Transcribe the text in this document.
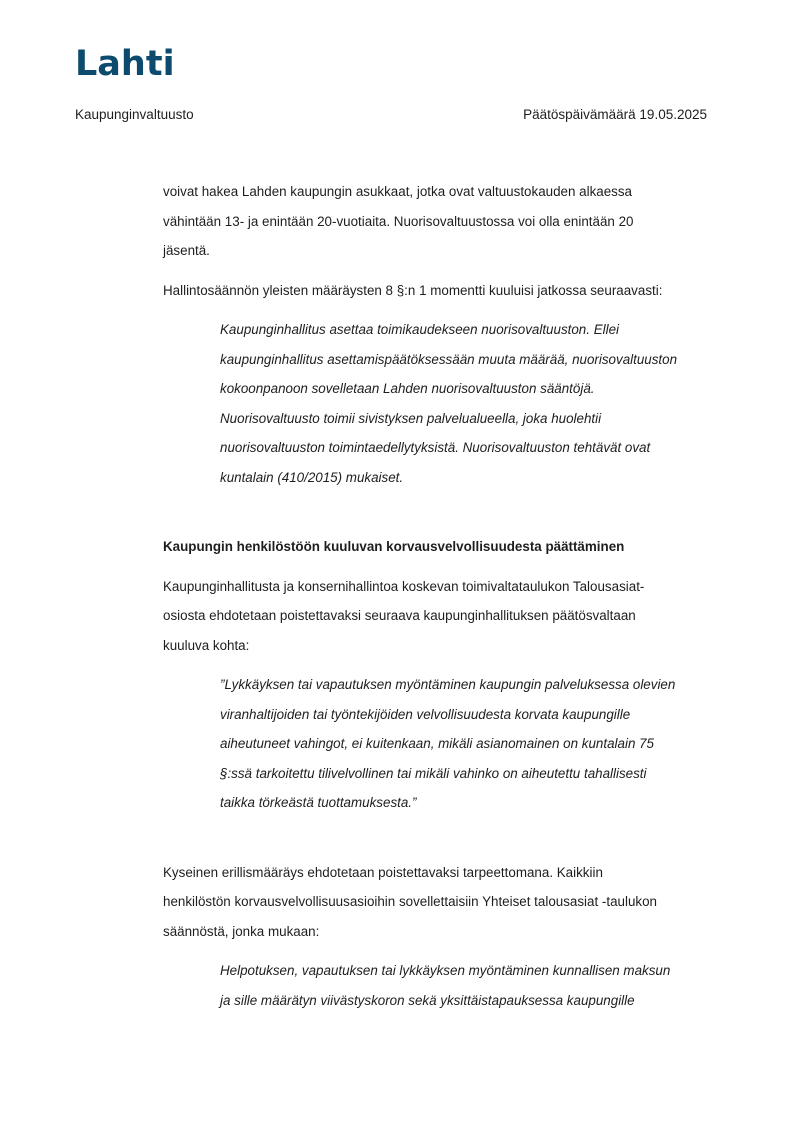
Lahti
Kaupunginvaltuusto	Päätöspäivämäärä 19.05.2025

voivat hakea Lahden kaupungin asukkaat, jotka ovat valtuustokauden alkaessa

vähintään 13- ja enintään 20-vuotiaita. Nuorisovaltuustossa voi olla enintään 20

jäsentä.

Hallintosäännön yleisten määräysten 8 §:n 1 momentti kuuluisi jatkossa seuraavasti:

Kaupunginhallitus asettaa toimikaudekseen nuorisovaltuuston. Ellei

kaupunginhallitus asettamispäätöksessään muuta määrää, nuorisovaltuuston

kokoonpanoon sovelletaan Lahden nuorisovaltuuston sääntöjä.

Nuorisovaltuusto toimii sivistyksen palvelualueella, joka huolehtii

nuorisovaltuuston toimintaedellytyksistä. Nuorisovaltuuston tehtävät ovat

kuntalain (410/2015) mukaiset.

Kaupungin henkilöstöön kuuluvan korvausvelvollisuudesta päättäminen

Kaupunginhallitusta ja konsernihallintoa koskevan toimivaltataulukon Talousasiat-

osiosta ehdotetaan poistettavaksi seuraava kaupunginhallituksen päätösvaltaan

kuuluva kohta:

”Lykkäyksen tai vapautuksen myöntäminen kaupungin palveluksessa olevien

viranhaltijoiden tai työntekijöiden velvollisuudesta korvata kaupungille

aiheutuneet vahingot, ei kuitenkaan, mikäli asianomainen on kuntalain 75

§:ssä tarkoitettu tilivelvollinen tai mikäli vahinko on aiheutettu tahallisesti

taikka törkeästä tuottamuksesta.”

Kyseinen erillismääräys ehdotetaan poistettavaksi tarpeettomana. Kaikkiin

henkilöstön korvausvelvollisuusasioihin sovellettaisiin Yhteiset talousasiat -taulukon

säännöstä, jonka mukaan:

Helpotuksen, vapautuksen tai lykkäyksen myöntäminen kunnallisen maksun

ja sille määrätyn viivästyskoron sekä yksittäistapauksessa kaupungille
